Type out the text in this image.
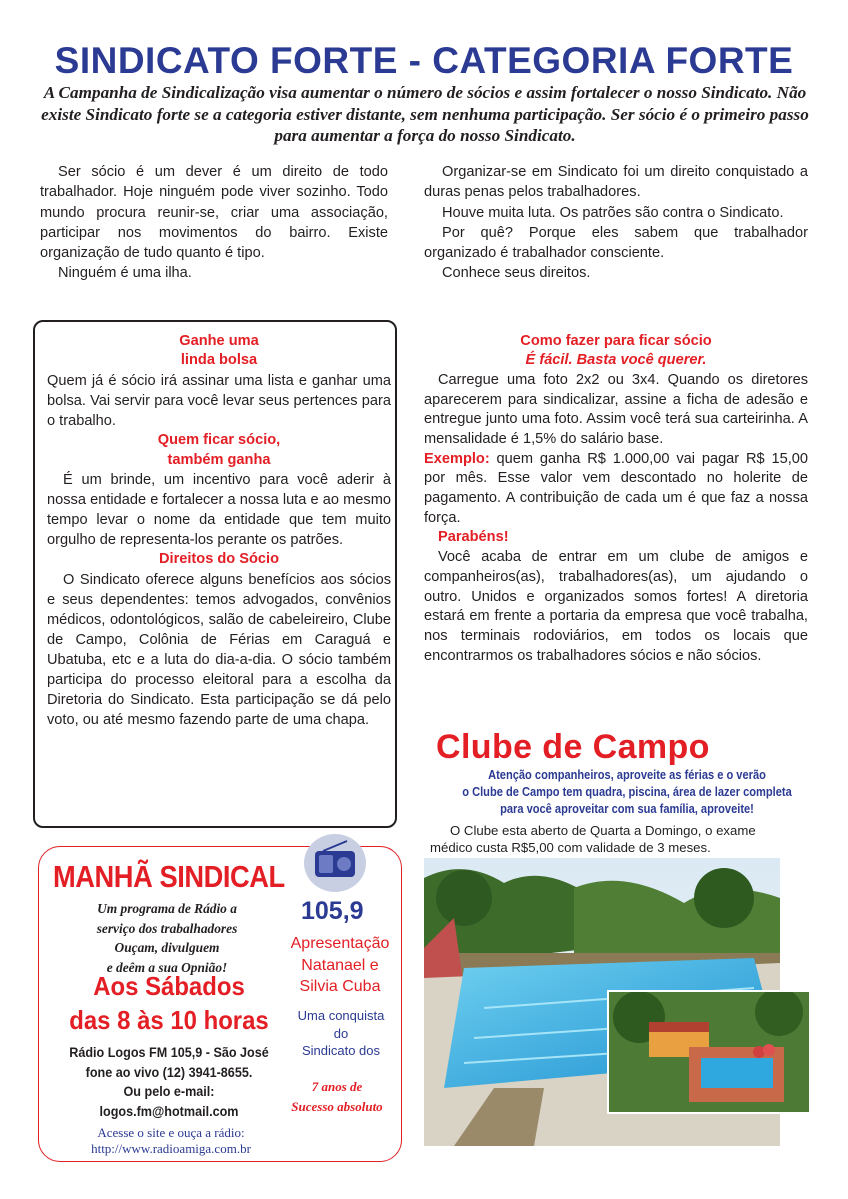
SINDICATO FORTE - CATEGORIA FORTE
A Campanha de Sindicalização visa aumentar o número de sócios e assim fortalecer o nosso Sindicato. Não existe Sindicato forte se a categoria estiver distante, sem nenhuma participação. Ser sócio é o primeiro passo para aumentar a força do nosso Sindicato.

Ser sócio é um dever é um direito de todo trabalhador. Hoje ninguém pode viver sozinho. Todo mundo procura reunir-se, criar uma associação, participar nos movimentos do bairro. Existe organização de tudo quanto é tipo.

Ninguém é uma ilha.

Organizar-se em Sindicato foi um direito conquistado a duras penas pelos trabalhadores.

Houve muita luta. Os patrões são contra o Sindicato.

Por quê? Porque eles sabem que trabalhador organizado é trabalhador consciente.

Conhece seus direitos.

Ganhe uma
linda bolsa

Quem já é sócio irá assinar uma lista e ganhar uma bolsa. Vai servir para você levar seus pertences para o trabalho.

Quem ficar sócio,
também ganha

É um brinde, um incentivo para você aderir à nossa entidade e fortalecer a nossa luta e ao mesmo tempo levar o nome da entidade que tem muito orgulho de representa-los perante os patrões.

Direitos do Sócio

O Sindicato oferece alguns benefícios aos sócios e seus dependentes: temos advogados, convênios médicos, odontológicos, salão de cabeleireiro, Clube de Campo, Colônia de Férias em Caraguá e Ubatuba, etc e a luta do dia-a-dia. O sócio também participa do processo eleitoral para a escolha da Diretoria do Sindicato. Esta participação se dá pelo voto, ou até mesmo fazendo parte de uma chapa.

Como fazer para ficar sócio
É fácil. Basta você querer.

Carregue uma foto 2x2 ou 3x4. Quando os diretores aparecerem para sindicalizar, assine a ficha de adesão e entregue junto uma foto. Assim você terá sua carteirinha. A mensalidade é 1,5% do salário base.

Exemplo: quem ganha R$ 1.000,00 vai pagar R$ 15,00 por mês. Esse valor vem descontado no holerite de pagamento. A contribuição de cada um é que faz a nossa força.

Parabéns!

Você acaba de entrar em um clube de amigos e companheiros(as), trabalhadores(as), um ajudando o outro. Unidos e organizados somos fortes! A diretoria estará em frente a portaria da empresa que você trabalha, nos terminais rodoviários, em todos os locais que encontrarmos os trabalhadores sócios e não sócios.

Clube de Campo
Atenção companheiros, aproveite as férias e o verão
o Clube de Campo tem quadra, piscina, área de lazer completa
para você aproveitar com sua família, aproveite!
O Clube esta aberto de Quarta a Domingo, o exame
médico custa R$5,00 com validade de 3 meses.
MANHÃ SINDICAL
Um programa de Rádio a
serviço dos trabalhadores
Ouçam, divulguem
e deêm a sua Opnião!
Aos Sábados
das 8 às 10 horas
Rádio Logos FM 105,9 - São José
fone ao vivo (12) 3941-8655.
Ou pelo e-mail:
logos.fm@hotmail.com
Acesse o site e ouça a rádio:
http://www.radioamiga.com.br
105,9
Apresentação
Natanael e
Silvia Cuba
Uma conquista
do
Sindicato dos
7 anos de
Sucesso absoluto
